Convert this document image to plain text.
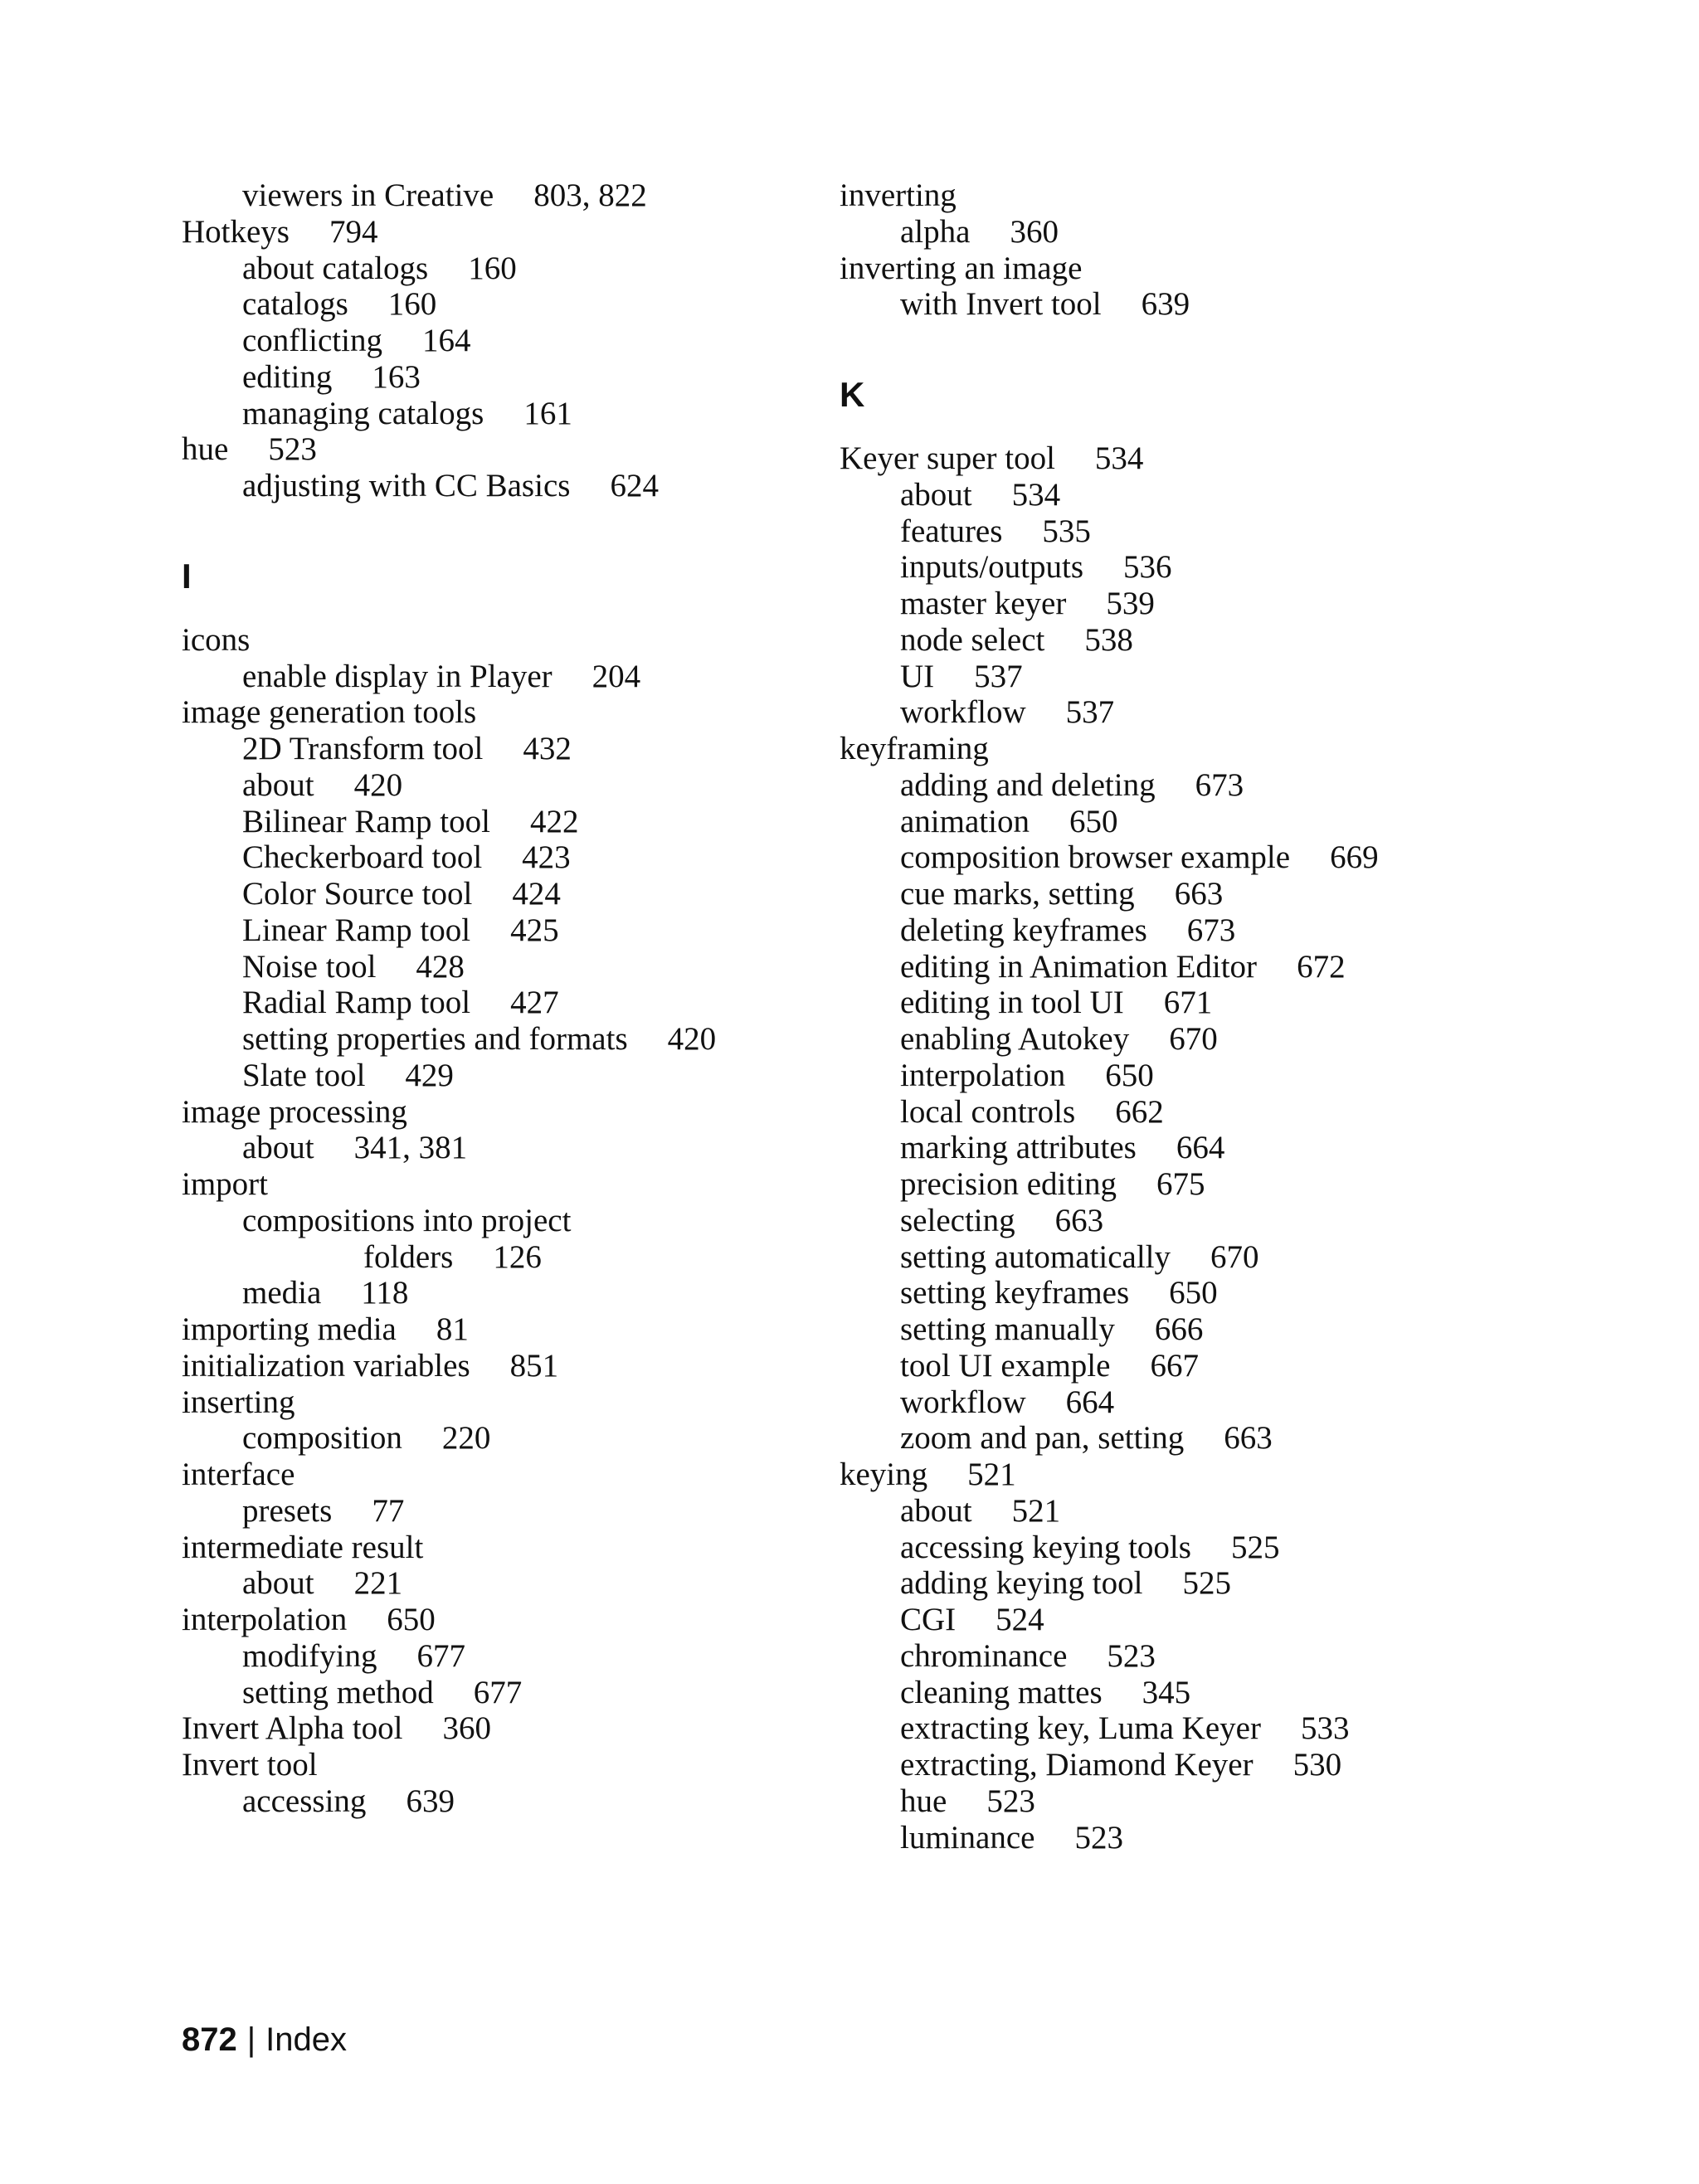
viewers in Creative 803, 822
Hotkeys 794
about catalogs 160
catalogs 160
conflicting 164
editing 163
managing catalogs 161
hue 523
adjusting with CC Basics 624
I
icons
enable display in Player 204
image generation tools
2D Transform tool 432
about 420
Bilinear Ramp tool 422
Checkerboard tool 423
Color Source tool 424
Linear Ramp tool 425
Noise tool 428
Radial Ramp tool 427
setting properties and formats 420
Slate tool 429
image processing
about 341, 381
import
compositions into project
folders 126
media 118
importing media 81
initialization variables 851
inserting
composition 220
interface
presets 77
intermediate result
about 221
interpolation 650
modifying 677
setting method 677
Invert Alpha tool 360
Invert tool
accessing 639
inverting
alpha 360
inverting an image
with Invert tool 639
K
Keyer super tool 534
about 534
features 535
inputs/outputs 536
master keyer 539
node select 538
UI 537
workflow 537
keyframing
adding and deleting 673
animation 650
composition browser example 669
cue marks, setting 663
deleting keyframes 673
editing in Animation Editor 672
editing in tool UI 671
enabling Autokey 670
interpolation 650
local controls 662
marking attributes 664
precision editing 675
selecting 663
setting automatically 670
setting keyframes 650
setting manually 666
tool UI example 667
workflow 664
zoom and pan, setting 663
keying 521
about 521
accessing keying tools 525
adding keying tool 525
CGI 524
chrominance 523
cleaning mattes 345
extracting key, Luma Keyer 533
extracting, Diamond Keyer 530
hue 523
luminance 523
872 | Index
